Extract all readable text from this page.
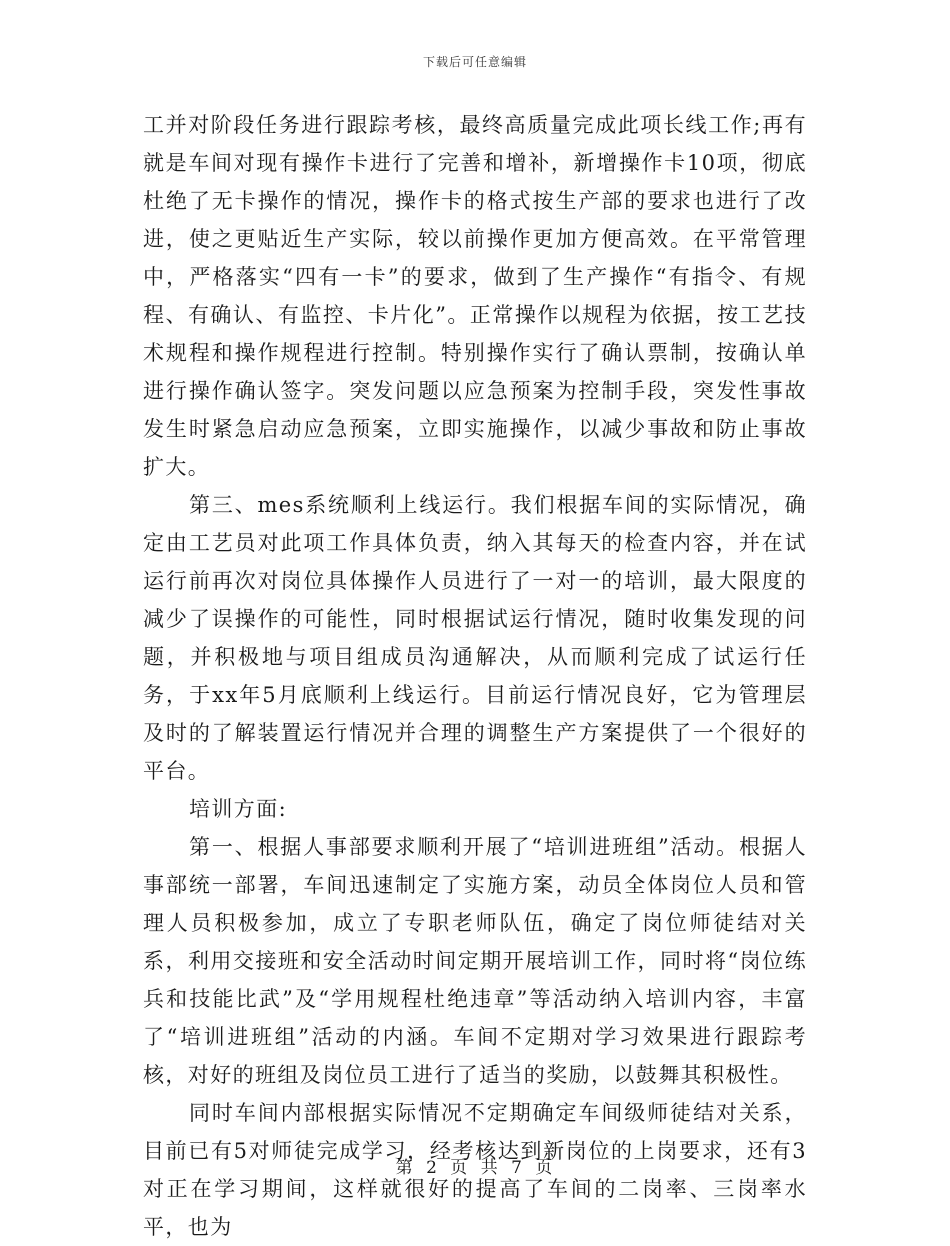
下载后可任意编辑

工并对阶段任务进行跟踪考核，最终高质量完成此项长线工作;再有就是车间对现有操作卡进行了完善和增补，新增操作卡10项，彻底杜绝了无卡操作的情况，操作卡的格式按生产部的要求也进行了改进，使之更贴近生产实际，较以前操作更加方便高效。在平常管理中，严格落实“四有一卡”的要求，做到了生产操作“有指令、有规程、有确认、有监控、卡片化”。正常操作以规程为依据，按工艺技术规程和操作规程进行控制。特别操作实行了确认票制，按确认单进行操作确认签字。突发问题以应急预案为控制手段，突发性事故发生时紧急启动应急预案，立即实施操作，以减少事故和防止事故扩大。

第三、mes系统顺利上线运行。我们根据车间的实际情况，确定由工艺员对此项工作具体负责，纳入其每天的检查内容，并在试运行前再次对岗位具体操作人员进行了一对一的培训，最大限度的减少了误操作的可能性，同时根据试运行情况，随时收集发现的问题，并积极地与项目组成员沟通解决，从而顺利完成了试运行任务，于xx年5月底顺利上线运行。目前运行情况良好，它为管理层及时的了解装置运行情况并合理的调整生产方案提供了一个很好的平台。

培训方面:

第一、根据人事部要求顺利开展了“培训进班组”活动。根据人事部统一部署，车间迅速制定了实施方案，动员全体岗位人员和管理人员积极参加，成立了专职老师队伍，确定了岗位师徒结对关系，利用交接班和安全活动时间定期开展培训工作，同时将“岗位练兵和技能比武”及“学用规程杜绝违章”等活动纳入培训内容，丰富了“培训进班组”活动的内涵。车间不定期对学习效果进行跟踪考核，对好的班组及岗位员工进行了适当的奖励，以鼓舞其积极性。

同时车间内部根据实际情况不定期确定车间级师徒结对关系，目前已有5对师徒完成学习，经考核达到新岗位的上岗要求，还有3对正在学习期间，这样就很好的提高了车间的二岗率、三岗率水平，也为

第 2 页 共 7 页
